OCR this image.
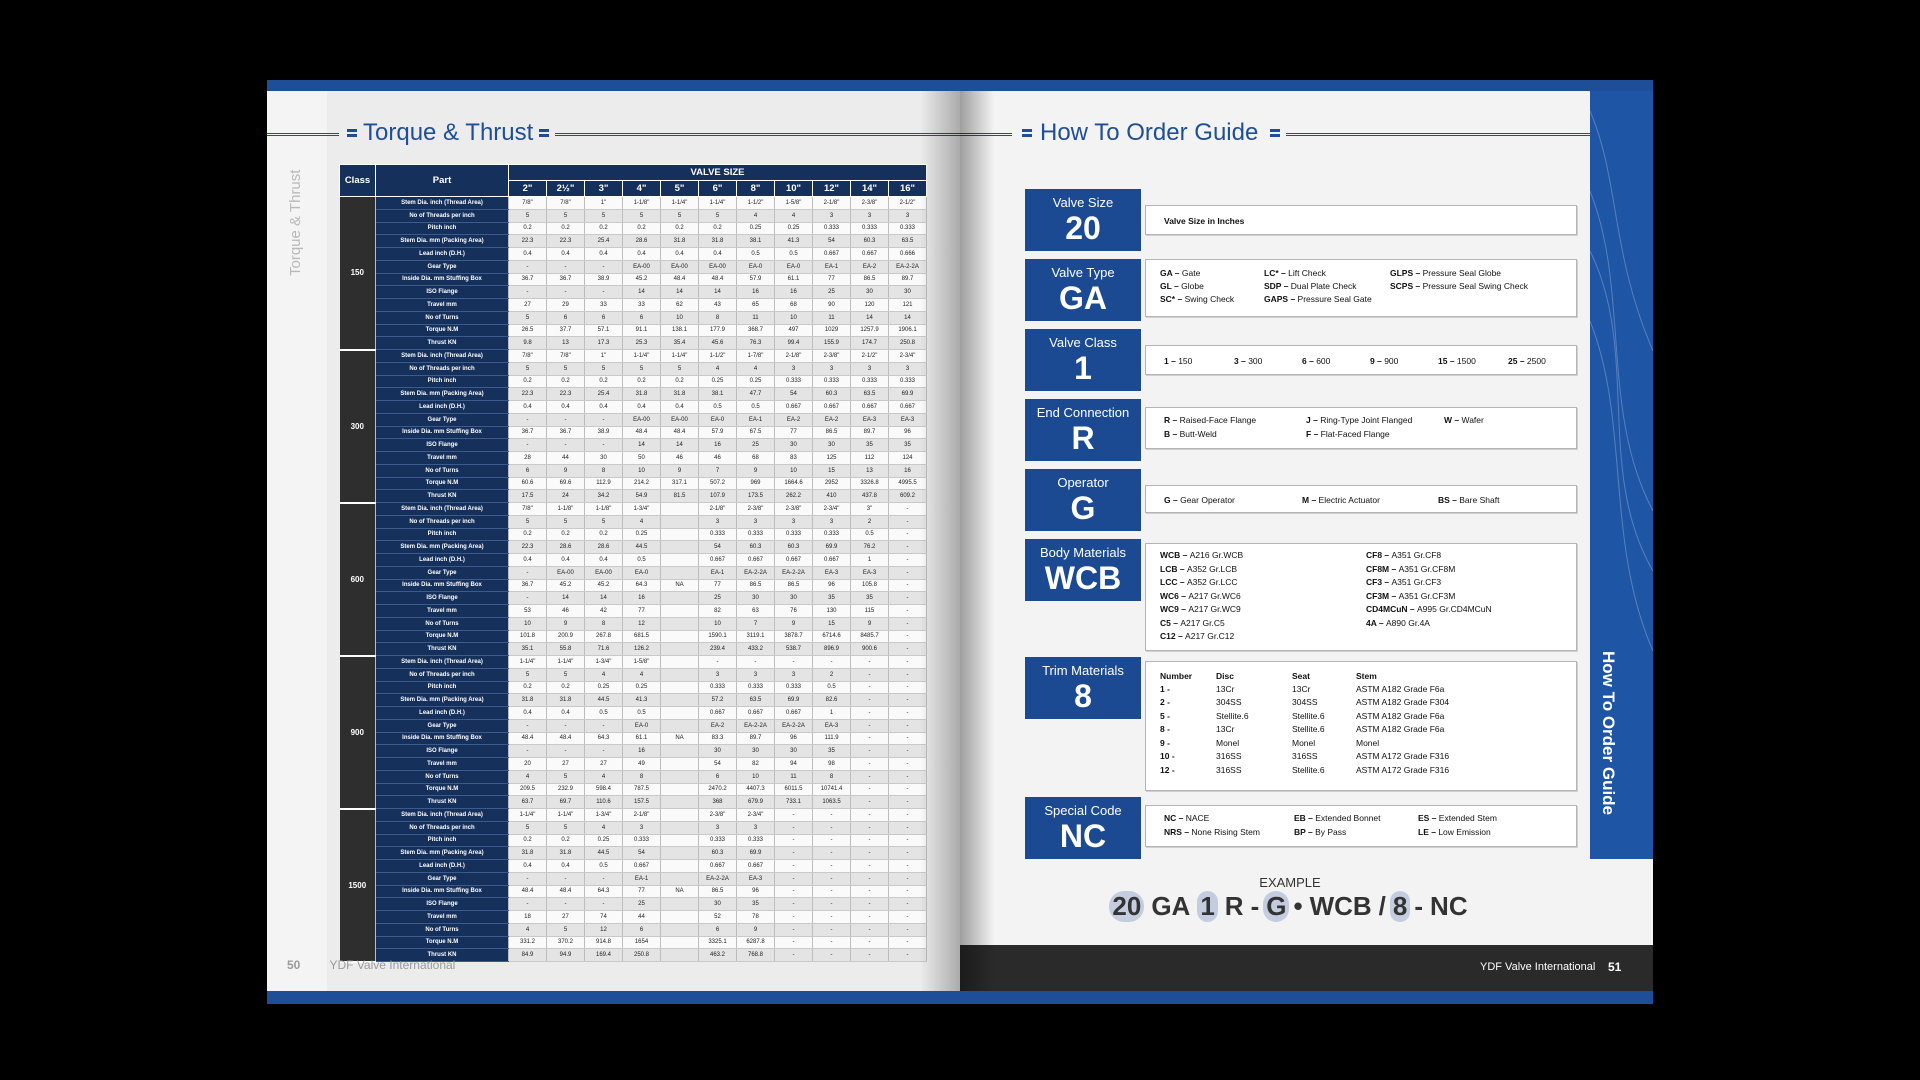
Torque & Thrust
Torque & Thrust	Class	Part	VALVE SIZE										
		2"	2½"	3"	4"	5"	6"	8"	10"	12"	14"	16"
150	Stem Dia. inch (Thread Area)	7/8"	7/8"	1"	1-1/8"	1-1/4"	1-1/4"	1-1/2"	1-5/8"	2-1/8"	2-3/8"	2-1/2"
	No of Threads per inch	5	5	5	5	5	5	4	4	3	3	3
	Pitch inch	0.2	0.2	0.2	0.2	0.2	0.2	0.25	0.25	0.333	0.333	0.333
	Stem Dia. mm (Packing Area)	22.3	22.3	25.4	28.6	31.8	31.8	38.1	41.3	54	60.3	63.5
	Lead inch (D.H.)	0.4	0.4	0.4	0.4	0.4	0.4	0.5	0.5	0.667	0.667	0.666
	Gear Type	-	-	-	EA-00	EA-00	EA-00	EA-0	EA-0	EA-1	EA-2	EA-2-2A
	Inside Dia. mm Stuffing Box	36.7	36.7	38.9	45.2	48.4	48.4	57.9	61.1	77	86.5	89.7
	ISO Flange	-	-	-	14	14	14	16	16	25	30	30
	Travel mm	27	29	33	33	62	43	65	68	90	120	121
	No of Turns	5	6	6	6	10	8	11	10	11	14	14
	Torque N.M	26.5	37.7	57.1	91.1	138.1	177.9	368.7	497	1029	1257.9	1906.1
	Thrust KN	9.8	13	17.3	25.3	35.4	45.6	76.3	99.4	155.9	174.7	250.8
300	Stem Dia. inch (Thread Area)	7/8"	7/8"	1"	1-1/4"	1-1/4"	1-1/2"	1-7/8"	2-1/8"	2-3/8"	2-1/2"	2-3/4"
	No of Threads per inch	5	5	5	5	5	4	4	3	3	3	3
	Pitch inch	0.2	0.2	0.2	0.2	0.2	0.25	0.25	0.333	0.333	0.333	0.333
	Stem Dia. mm (Packing Area)	22.3	22.3	25.4	31.8	31.8	38.1	47.7	54	60.3	63.5	69.9
	Lead inch (D.H.)	0.4	0.4	0.4	0.4	0.4	0.5	0.5	0.667	0.667	0.667	0.667
	Gear Type	-	-	-	EA-00	EA-00	EA-0	EA-1	EA-2	EA-2	EA-3	EA-3
	Inside Dia. mm Stuffing Box	36.7	36.7	38.9	48.4	48.4	57.9	67.5	77	86.5	89.7	96
	ISO Flange	-	-	-	14	14	16	25	30	30	35	35
	Travel mm	28	44	30	50	46	46	68	83	125	112	124
	No of Turns	6	9	8	10	9	7	9	10	15	13	16
	Torque N.M	60.6	69.6	112.9	214.2	317.1	507.2	969	1664.6	2952	3326.8	4995.5
	Thrust KN	17.5	24	34.2	54.9	81.5	107.9	173.5	262.2	410	437.8	609.2
600	Stem Dia. inch (Thread Area)	7/8"	1-1/8"	1-1/8"	1-3/4"		2-1/8"	2-3/8"	2-3/8"	2-3/4"	3"	-
	No of Threads per inch	5	5	5	4		3	3	3	3	2	-
	Pitch inch	0.2	0.2	0.2	0.25		0.333	0.333	0.333	0.333	0.5	-
	Stem Dia. mm (Packing Area)	22.3	28.6	28.6	44.5		54	60.3	60.3	69.9	76.2	-
	Lead inch (D.H.)	0.4	0.4	0.4	0.5		0.667	0.667	0.667	0.667	1	-
	Gear Type	-	EA-00	EA-00	EA-0		EA-1	EA-2-2A	EA-2-2A	EA-3	EA-3	-
	Inside Dia. mm Stuffing Box	36.7	45.2	45.2	64.3	NA	77	86.5	86.5	96	105.8	-
	ISO Flange	-	14	14	16		25	30	30	35	35	-
	Travel mm	53	46	42	77		82	63	76	130	115	-
	No of Turns	10	9	8	12		10	7	9	15	9	-
	Torque N.M	101.8	200.9	267.8	681.5		1590.1	3119.1	3878.7	6714.6	8485.7	-
	Thrust KN	35.1	55.8	71.6	126.2		239.4	433.2	538.7	896.9	900.6	-
900	Stem Dia. inch (Thread Area)	1-1/4"	1-1/4"	1-3/4"	1-5/8"		-	-	-	-	-	-
	No of Threads per inch	5	5	4	4		3	3	3	2	-	-
	Pitch inch	0.2	0.2	0.25	0.25		0.333	0.333	0.333	0.5	-	-
	Stem Dia. mm (Packing Area)	31.8	31.8	44.5	41.3		57.2	63.5	69.9	82.6	-	-
	Lead inch (D.H.)	0.4	0.4	0.5	0.5		0.667	0.667	0.667	1	-	-
	Gear Type	-	-	-	EA-0		EA-2	EA-2-2A	EA-2-2A	EA-3	-	-
	Inside Dia. mm Stuffing Box	48.4	48.4	64.3	61.1	NA	83.3	89.7	96	111.9	-	-
	ISO Flange	-	-	-	16		30	30	30	35	-	-
	Travel mm	20	27	27	49		54	82	94	98	-	-
	No of Turns	4	5	4	8		6	10	11	8	-	-
	Torque N.M	209.5	232.9	598.4	787.5		2470.2	4407.3	6011.5	10741.4	-	-
	Thrust KN	63.7	69.7	110.6	157.5		368	679.9	733.1	1063.5	-	-
1500	Stem Dia. inch (Thread Area)	1-1/4"	1-1/4"	1-3/4"	2-1/8"		2-3/8"	2-3/4"	-	-	-	-
	No of Threads per inch	5	5	4	3		3	3	-	-	-	-
	Pitch inch	0.2	0.2	0.25	0.333		0.333	0.333	-	-	-	-
	Stem Dia. mm (Packing Area)	31.8	31.8	44.5	54		60.3	69.9	-	-	-	-
	Lead inch (D.H.)	0.4	0.4	0.5	0.667		0.667	0.667	-	-	-	-
	Gear Type	-	-	-	EA-1		EA-2-2A	EA-3	-	-	-	-
	Inside Dia. mm Stuffing Box	48.4	48.4	64.3	77	NA	86.5	96	-	-	-	-
	ISO Flange	-	-	-	25		30	35	-	-	-	-
	Travel mm	18	27	74	44		52	78	-	-	-	-
	No of Turns	4	5	12	6		6	9	-	-	-	-
	Torque N.M	331.2	370.2	914.8	1654		3325.1	6287.8	-	-	-	-
	Thrust KN	84.9	94.9	169.4	250.8		463.2	768.8	-	-	-	-
50 YDF Valve International
How To Order Guide
Valve Size
20	Valve Size in Inches
Valve Type
GA
GA – Gate	LC* – Lift Check	GLPS – Pressure Seal Globe
GL – Globe	SDP – Dual Plate Check	SCPS – Pressure Seal Swing Check
SC* – Swing Check	GAPS – Pressure Seal Gate
Valve Class
1	1 – 150	3 – 300	6 – 600	9 – 900	15 – 1500	25 – 2500
End Connection
R	R – Raised-Face Flange	J – Ring-Type Joint Flanged	W – Wafer
B – Butt-Weld	F – Flat-Faced Flange
Operator
G	G – Gear Operator	M – Electric Actuator	BS – Bare Shaft
Body Materials
WCB
WCB – A216 Gr.WCB	CF8 – A351 Gr.CF8
LCB – A352 Gr.LCB	CF8M – A351 Gr.CF8M
LCC – A352 Gr.LCC	CF3 – A351 Gr.CF3
WC6 – A217 Gr.WC6	CF3M – A351 Gr.CF3M
WC9 – A217 Gr.WC9	CD4MCuN – A995 Gr.CD4MCuN
C5 – A217 Gr.C5	4A – A890 Gr.4A
C12 – A217 Gr.C12
Trim Materials
8
Number	Disc	Seat	Stem
1 -	13Cr	13Cr	ASTM A182 Grade F6a
2 -	304SS	304SS	ASTM A182 Grade F304
5 -	Stellite.6	Stellite.6	ASTM A182 Grade F6a
8 -	13Cr	Stellite.6	ASTM A182 Grade F6a
9 -	Monel	Monel	Monel
10 -	316SS	316SS	ASTM A172 Grade F316
12 -	316SS	Stellite.6	ASTM A172 Grade F316
Special Code
NC	NC – NACE	EB – Extended Bonnet	ES – Extended Stem
NRS – None Rising Stem	BP – By Pass	LE – Low Emission
How To Order Guide
EXAMPLE
20 GA 1 R - G • WCB / 8 - NC
YDF Valve International 51
